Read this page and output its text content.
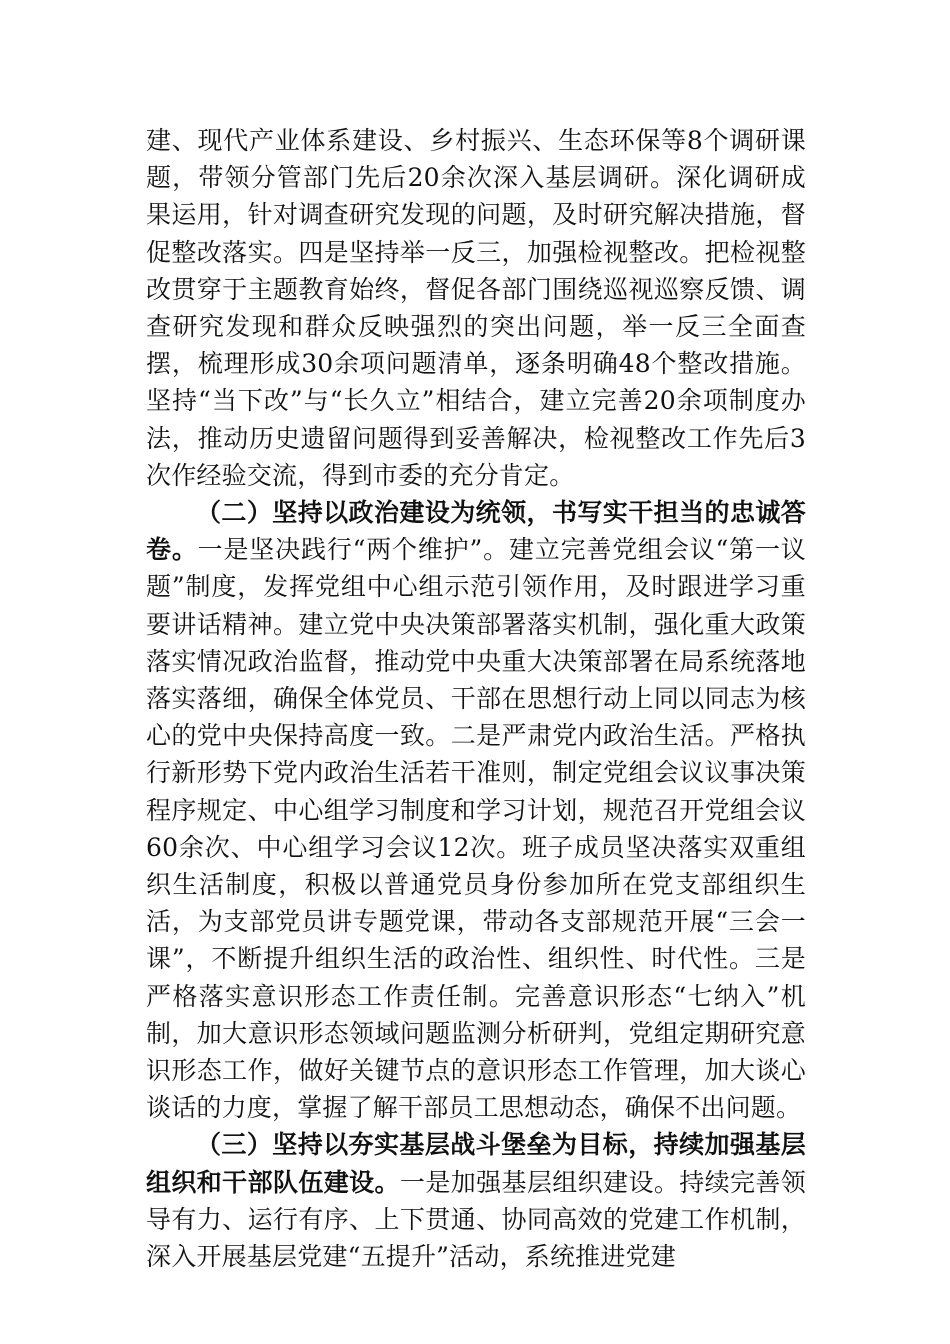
建、现代产业体系建设、乡村振兴、生态环保等8个调研课题，带领分管部门先后20余次深入基层调研。深化调研成果运用，针对调查研究发现的问题，及时研究解决措施，督促整改落实。四是坚持举一反三，加强检视整改。把检视整改贯穿于主题教育始终，督促各部门围绕巡视巡察反馈、调查研究发现和群众反映强烈的突出问题，举一反三全面查摆，梳理形成30余项问题清单，逐条明确48个整改措施。坚持“当下改”与“长久立”相结合，建立完善20余项制度办法，推动历史遗留问题得到妥善解决，检视整改工作先后3次作经验交流，得到市委的充分肯定。

（二）坚持以政治建设为统领，书写实干担当的忠诚答卷。一是坚决践行“两个维护”。建立完善党组会议“第一议题”制度，发挥党组中心组示范引领作用，及时跟进学习重要讲话精神。建立党中央决策部署落实机制，强化重大政策落实情况政治监督，推动党中央重大决策部署在局系统落地落实落细，确保全体党员、干部在思想行动上同以同志为核心的党中央保持高度一致。二是严肃党内政治生活。严格执行新形势下党内政治生活若干准则，制定党组会议议事决策程序规定、中心组学习制度和学习计划，规范召开党组会议60余次、中心组学习会议12次。班子成员坚决落实双重组织生活制度，积极以普通党员身份参加所在党支部组织生活，为支部党员讲专题党课，带动各支部规范开展“三会一课”，不断提升组织生活的政治性、组织性、时代性。三是严格落实意识形态工作责任制。完善意识形态“七纳入”机制，加大意识形态领域问题监测分析研判，党组定期研究意识形态工作，做好关键节点的意识形态工作管理，加大谈心谈话的力度，掌握了解干部员工思想动态，确保不出问题。

（三）坚持以夯实基层战斗堡垒为目标，持续加强基层组织和干部队伍建设。一是加强基层组织建设。持续完善领导有力、运行有序、上下贯通、协同高效的党建工作机制，深入开展基层党建“五提升”活动，系统推进党建
